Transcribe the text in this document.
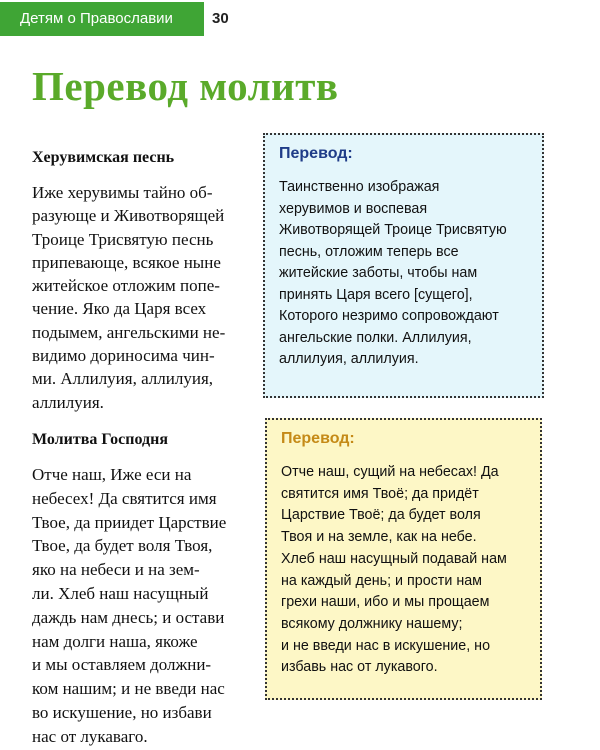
Детям о Православии	30
Перевод молитв
Херувимская песнь
Иже херувимы тайно об-
разующе и Животворящей
Троице Трисвятую песнь
припевающе, всякое ныне
житейское отложим попе-
чение. Яко да Царя всех
подымем, ангельскими не-
видимо дориносима чин-
ми. Аллилуия, аллилуия,
аллилуия.
Перевод:
Таинственно изображая
херувимов и воспевая
Животворящей Троице Трисвятую
песнь, отложим теперь все
житейские заботы, чтобы нам
принять Царя всего [сущего],
Которого незримо сопровождают
ангельские полки. Аллилуия,
аллилуия, аллилуия.
Молитва Господня
Отче наш, Иже еси на
небесех! Да святится имя
Твое, да приидет Царствие
Твое, да будет воля Твоя,
яко на небеси и на зем-
ли. Хлеб наш насущный
даждь нам днесь; и остави
нам долги наша, якоже
и мы оставляем должни-
ком нашим; и не введи нас
во искушение, но избави
нас от лукаваго.
Перевод:
Отче наш, сущий на небесах! Да
святится имя Твоё; да придёт
Царствие Твоё; да будет воля
Твоя и на земле, как на небе.
Хлеб наш насущный подавай нам
на каждый день; и прости нам
грехи наши, ибо и мы прощаем
всякому должнику нашему;
и не введи нас в искушение, но
избавь нас от лукавого.
